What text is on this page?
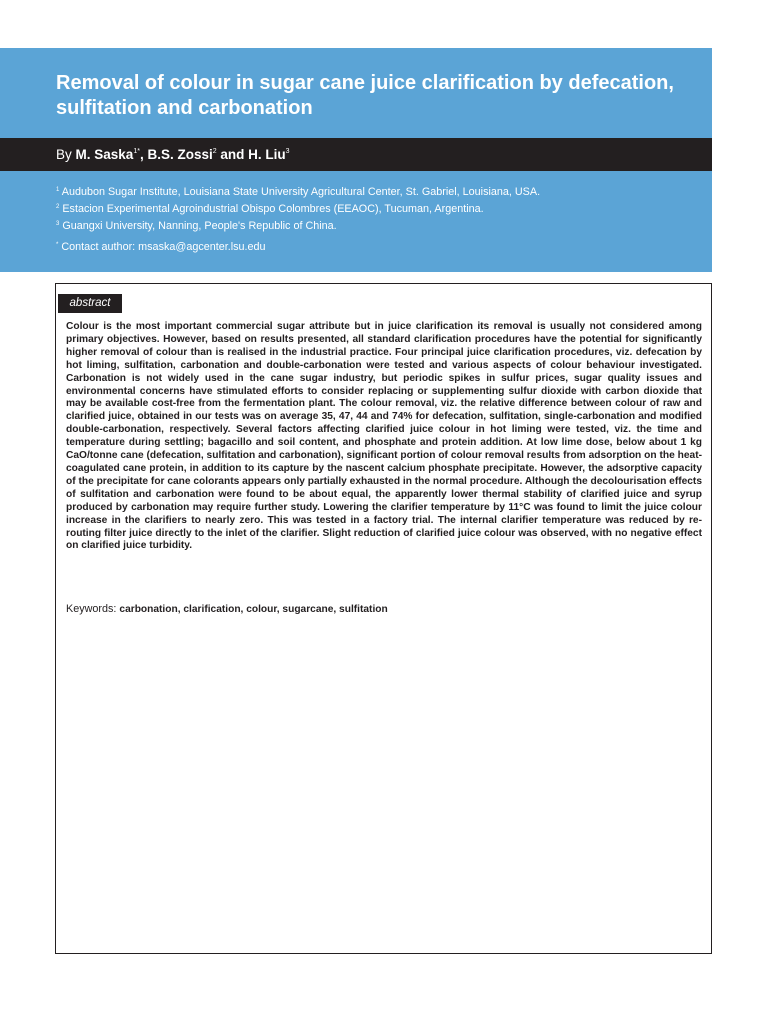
Removal of colour in sugar cane juice clarification by defecation, sulfitation and carbonation
By M. Saska$^{1*}$, B.S. Zossi$^2$ and H. Liu$^3$
$^1$ Audubon Sugar Institute, Louisiana State University Agricultural Center, St. Gabriel, Louisiana, USA.
$^2$ Estacion Experimental Agroindustrial Obispo Colombres (EEAOC), Tucuman, Argentina.
$^3$ Guangxi University, Nanning, People's Republic of China.
* Contact author: msaska@agcenter.lsu.edu
abstract

Colour is the most important commercial sugar attribute but in juice clarification its removal is usually not considered among primary objectives. However, based on results presented, all standard clarification procedures have the potential for significantly higher removal of colour than is realised in the industrial practice. Four principal juice clarification procedures, viz. defecation by hot liming, sulfitation, carbonation and double-carbonation were tested and various aspects of colour behaviour investigated. Carbonation is not widely used in the cane sugar industry, but periodic spikes in sulfur prices, sugar quality issues and environmental concerns have stimulated efforts to consider replacing or supplementing sulfur dioxide with carbon dioxide that may be available cost-free from the fermentation plant. The colour removal, viz. the relative difference between colour of raw and clarified juice, obtained in our tests was on average 35, 47, 44 and 74% for defecation, sulfitation, single-carbonation and modified double-carbonation, respectively. Several factors affecting clarified juice colour in hot liming were tested, viz. the time and temperature during settling; bagacillo and soil content, and phosphate and protein addition. At low lime dose, below about 1 kg CaO/tonne cane (defecation, sulfitation and carbonation), significant portion of colour removal results from adsorption on the heat-coagulated cane protein, in addition to its capture by the nascent calcium phosphate precipitate. However, the adsorptive capacity of the precipitate for cane colorants appears only partially exhausted in the normal procedure. Although the decolourisation effects of sulfitation and carbonation were found to be about equal, the apparently lower thermal stability of clarified juice and syrup produced by carbonation may require further study. Lowering the clarifier temperature by 11°C was found to limit the juice colour increase in the clarifiers to nearly zero. This was tested in a factory trial. The internal clarifier temperature was reduced by re-routing filter juice directly to the inlet of the clarifier. Slight reduction of clarified juice colour was observed, with no negative effect on clarified juice turbidity.

Keywords: carbonation, clarification, colour, sugarcane, sulfitation
